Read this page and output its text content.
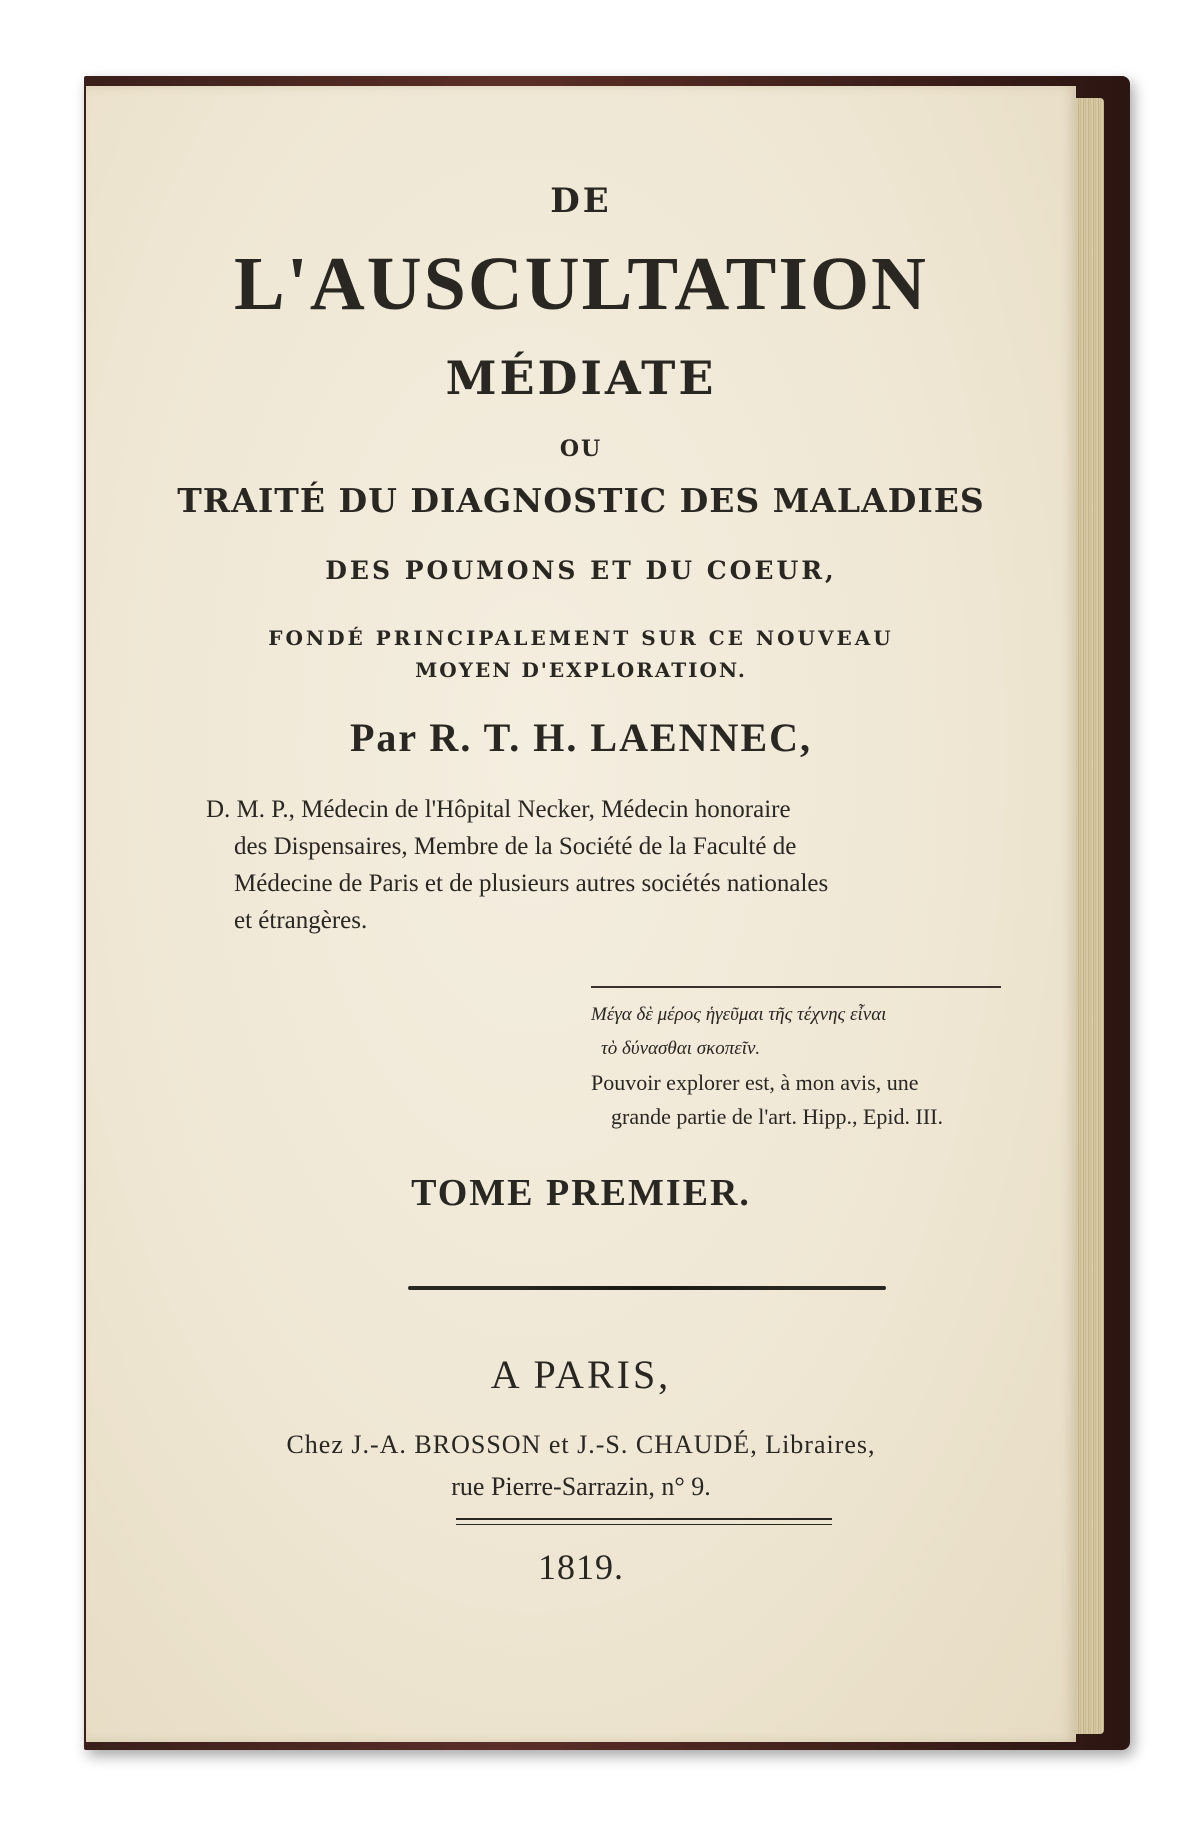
DE
L'AUSCULTATION
MÉDIATE
OU
TRAITÉ DU DIAGNOSTIC DES MALADIES
DES POUMONS ET DU COEUR,
FONDÉ PRINCIPALEMENT SUR CE NOUVEAU
MOYEN D'EXPLORATION.
Par R. T. H. LAENNEC,
D. M. P., Médecin de l'Hôpital Necker, Médecin honoraire
des Dispensaires, Membre de la Société de la Faculté de
Médecine de Paris et de plusieurs autres sociétés nationales
et étrangères.
Μέγα δὲ μέρος ἡγεῦμαι τῆς τέχνης εἶναι
τὸ δύνασθαι σκοπεῖν.
Pouvoir explorer est, à mon avis, une
grande partie de l'art. Hipp., Epid. III.
TOME PREMIER.
A PARIS,
Chez J.-A. BROSSON et J.-S. CHAUDÉ, Libraires,
rue Pierre-Sarrazin, n° 9.
1819.
